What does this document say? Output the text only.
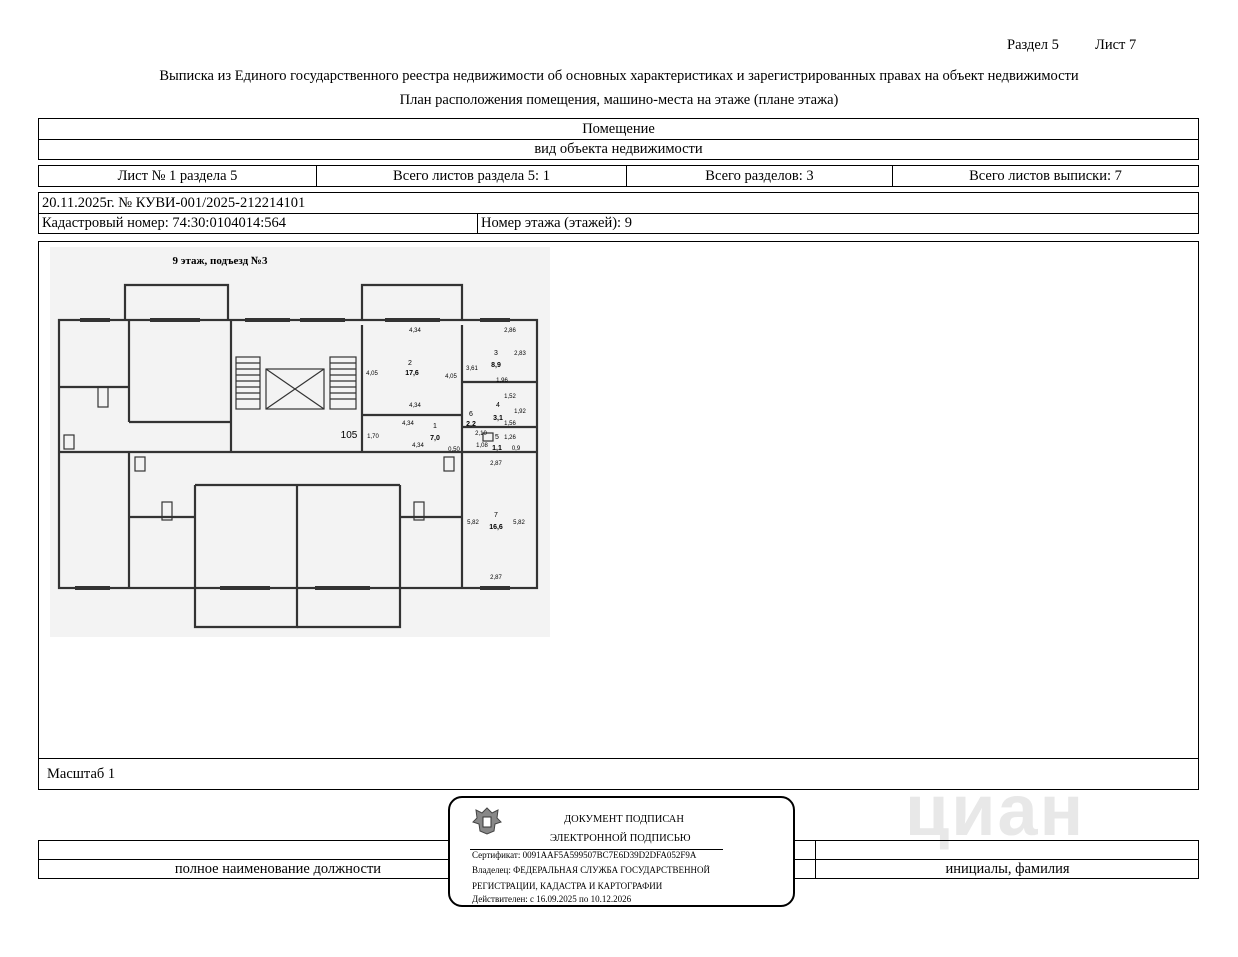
Раздел 5 Лист 7
Выписка из Единого государственного реестра недвижимости об основных характеристиках и зарегистрированных правах на объект недвижимости
План расположения помещения, машино-места на этаже (плане этажа)
Помещение
вид объекта недвижимости
Лист № 1 раздела 5	Всего листов раздела 5: 1	Всего разделов: 3	Всего листов выписки: 7
20.11.2025г. № КУВИ-001/2025-212214101
Кадастровый номер: 74:30:0104014:564	Номер этажа (этажей): 9
9 этаж, подъезд №3
2
17,6
3
8,9
4
3,1
5
1,1
6
2,2
1
7,0
7
16,6
105
4,34
4,05	4,05
3,61
4,34
4,34
4,34
1,70
0,50
2,10
1,08
2,86
2,83
1,96
1,52
1,92
1,56
1,26
0,9
2,87
5,82	5,82
2,87
циан
Масштаб 1
полное наименование должности	инициалы, фамилия
ДОКУМЕНТ ПОДПИСАН
ЭЛЕКТРОННОЙ ПОДПИСЬЮ
Сертификат: 0091AAF5A599507BC7E6D39D2DFA052F9A
Владелец: ФЕДЕРАЛЬНАЯ СЛУЖБА ГОСУДАРСТВЕННОЙ
РЕГИСТРАЦИИ, КАДАСТРА И КАРТОГРАФИИ
Действителен: с 16.09.2025 по 10.12.2026
